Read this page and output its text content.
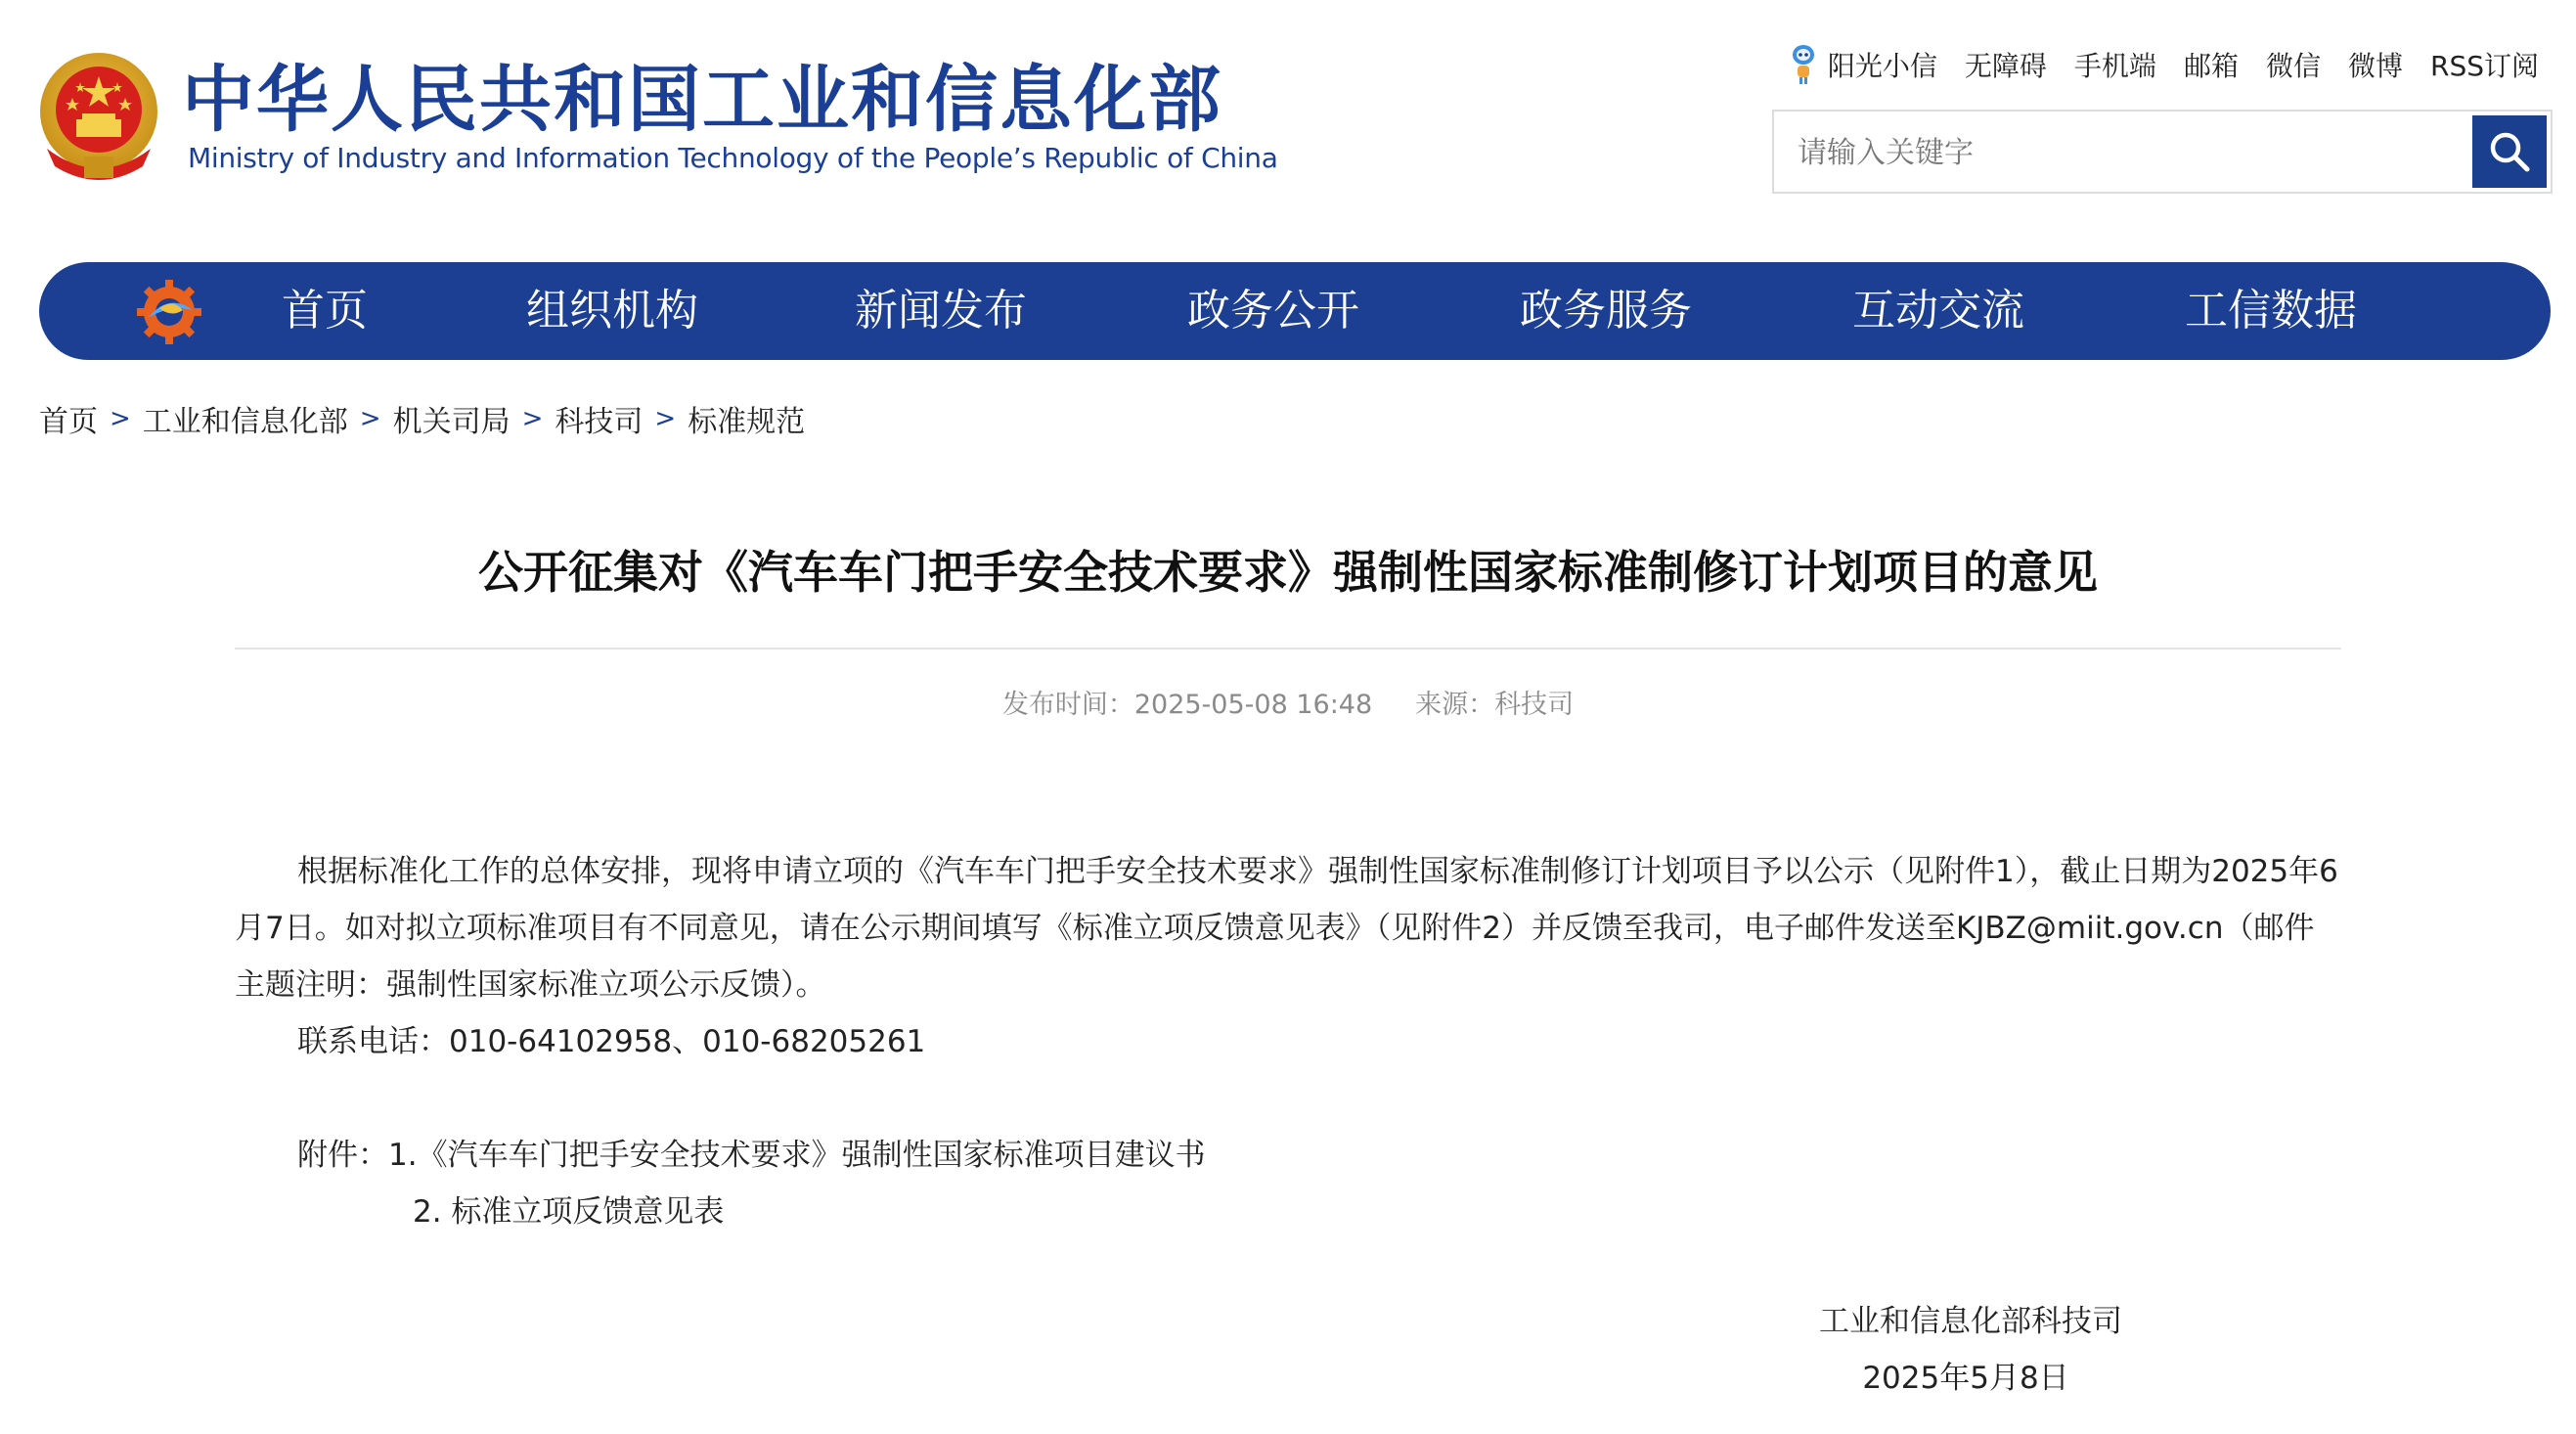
中华人民共和国工业和信息化部
Ministry of Industry and Information Technology of the People’s Republic of China
阳光小信 无障碍 手机端 邮箱 微信 微博 RSS订阅
请输入关键字
首页	组织机构	新闻发布	政务公开	政务服务	互动交流	工信数据
首页 > 工业和信息化部 > 机关司局 > 科技司 > 标准规范
公开征集对《汽车车门把手安全技术要求》强制性国家标准制修订计划项目的意见
发布时间：2025-05-08 16:48 来源：科技司

根据标准化工作的总体安排，现将申请立项的《汽车车门把手安全技术要求》强制性国家标准制修订计划项目予以公示（见附件1），截止日期为2025年6月7日。如对拟立项标准项目有不同意见，请在公示期间填写《标准立项反馈意见表》（见附件2）并反馈至我司，电子邮件发送至KJBZ@miit.gov.cn（邮件主题注明：强制性国家标准立项公示反馈）。

联系电话：010-64102958、010-68205261
附件：1.《汽车车门把手安全技术要求》强制性国家标准项目建议书
2. 标准立项反馈意见表
工业和信息化部科技司
2025年5月8日
